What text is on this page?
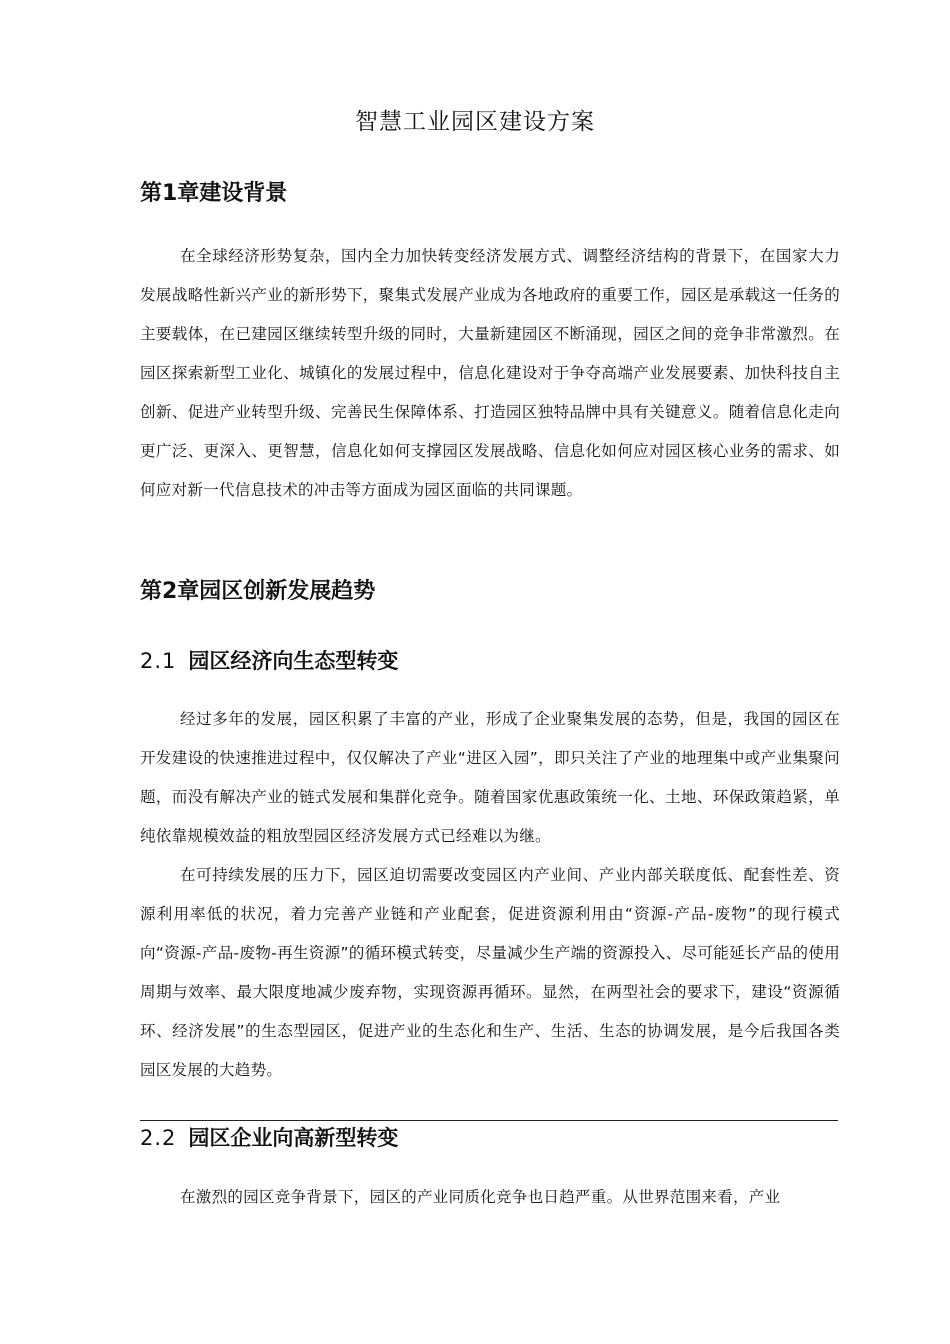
智慧工业园区建设方案
第1章建设背景

在全球经济形势复杂，国内全力加快转变经济发展方式、调整经济结构的背景下，在国家大力发展战略性新兴产业的新形势下，聚集式发展产业成为各地政府的重要工作，园区是承载这一任务的主要载体，在已建园区继续转型升级的同时，大量新建园区不断涌现，园区之间的竞争非常激烈。在园区探索新型工业化、城镇化的发展过程中，信息化建设对于争夺高端产业发展要素、加快科技自主创新、促进产业转型升级、完善民生保障体系、打造园区独特品牌中具有关键意义。随着信息化走向更广泛、更深入、更智慧，信息化如何支撑园区发展战略、信息化如何应对园区核心业务的需求、如何应对新一代信息技术的冲击等方面成为园区面临的共同课题。

第2章园区创新发展趋势
2.1 园区经济向生态型转变

经过多年的发展，园区积累了丰富的产业，形成了企业聚集发展的态势，但是，我国的园区在开发建设的快速推进过程中，仅仅解决了产业“进区入园”，即只关注了产业的地理集中或产业集聚问题，而没有解决产业的链式发展和集群化竞争。随着国家优惠政策统一化、土地、环保政策趋紧，单纯依靠规模效益的粗放型园区经济发展方式已经难以为继。

在可持续发展的压力下，园区迫切需要改变园区内产业间、产业内部关联度低、配套性差、资源利用率低的状况，着力完善产业链和产业配套，促进资源利用由“资源-产品-废物”的现行模式向“资源-产品-废物-再生资源”的循环模式转变，尽量减少生产端的资源投入、尽可能延长产品的使用周期与效率、最大限度地减少废弃物，实现资源再循环。显然，在两型社会的要求下，建设“资源循环、经济发展”的生态型园区，促进产业的生态化和生产、生活、生态的协调发展，是今后我国各类园区发展的大趋势。

2.2 园区企业向高新型转变

在激烈的园区竞争背景下，园区的产业同质化竞争也日趋严重。从世界范围来看，产业
